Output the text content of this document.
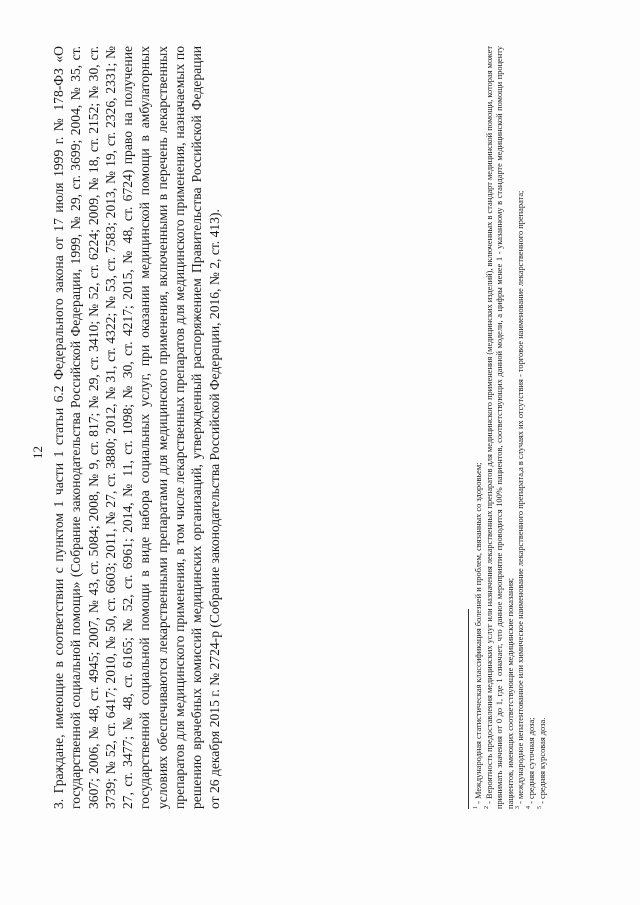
12 3. Граждане, имеющие в соответствии с пунктом 1 части 1 статьи 6.2 Федерального закона от 17 июля 1999 г. № 178-ФЗ «О государственной социальной помощи» (Собрание законодательства Российской Федерации, 1999, № 29, ст. 3699; 2004, № 35, ст. 3607; 2006, № 48, ст. 4945; 2007, № 43, ст. 5084; 2008, № 9, ст. 817; № 29, ст. 3410; № 52, ст. 6224; 2009, № 18, ст. 2152; № 30, ст. 3739; № 52, ст. 6417; 2010, № 50, ст. 6603; 2011, № 27, ст. 3880; 2012, № 31, ст. 4322; № 53, ст. 7583; 2013, № 19, ст. 2326, 2331; № 27, ст. 3477; № 48, ст. 6165; № 52, ст. 6961; 2014, № 11, ст. 1098; № 30, ст. 4217; 2015, № 48, ст. 6724) право на получение государственной социальной помощи в виде набора социальных услуг, при оказании медицинской помощи в амбулаторных условиях обеспечиваются лекарственными препаратами для медицинского применения, включенными в перечень лекарственных препаратов для медицинского применения, в том числе лекарственных препаратов для медицинского применения, назначаемых по решению врачебных комиссий медицинских организаций, утвержденный распоряжением Правительства Российской Федерации от 26 декабря 2015 г. № 2724-р (Собрание законодательства Российской Федерации, 2016, № 2, ст. 413).	$^1$ - Международная статистическая классификация болезней и проблем, связанных со здоровьем;

$^2$ - Вероятность предоставления медицинских услуг или назначения лекарственных препаратов для медицинского применения (медицинских изделий), включенных в стандарт медицинской помощи, которая может принимать значения от 0 до 1, где 1 означает, что данное мероприятие проводится 100% пациентов, соответствующих данной модели, а цифры менее 1 - указанному в стандарте медицинской помощи проценту пациентов, имеющих соответствующие медицинские показания; $^3$ - международное непатентованное или химическое наименование лекарственного препарата,а в случаях их отсутствия - торговое наименование лекарственного препарата;

$^4$ - средняя суточная доза;

$^5$ - средняя курсовая доза.
